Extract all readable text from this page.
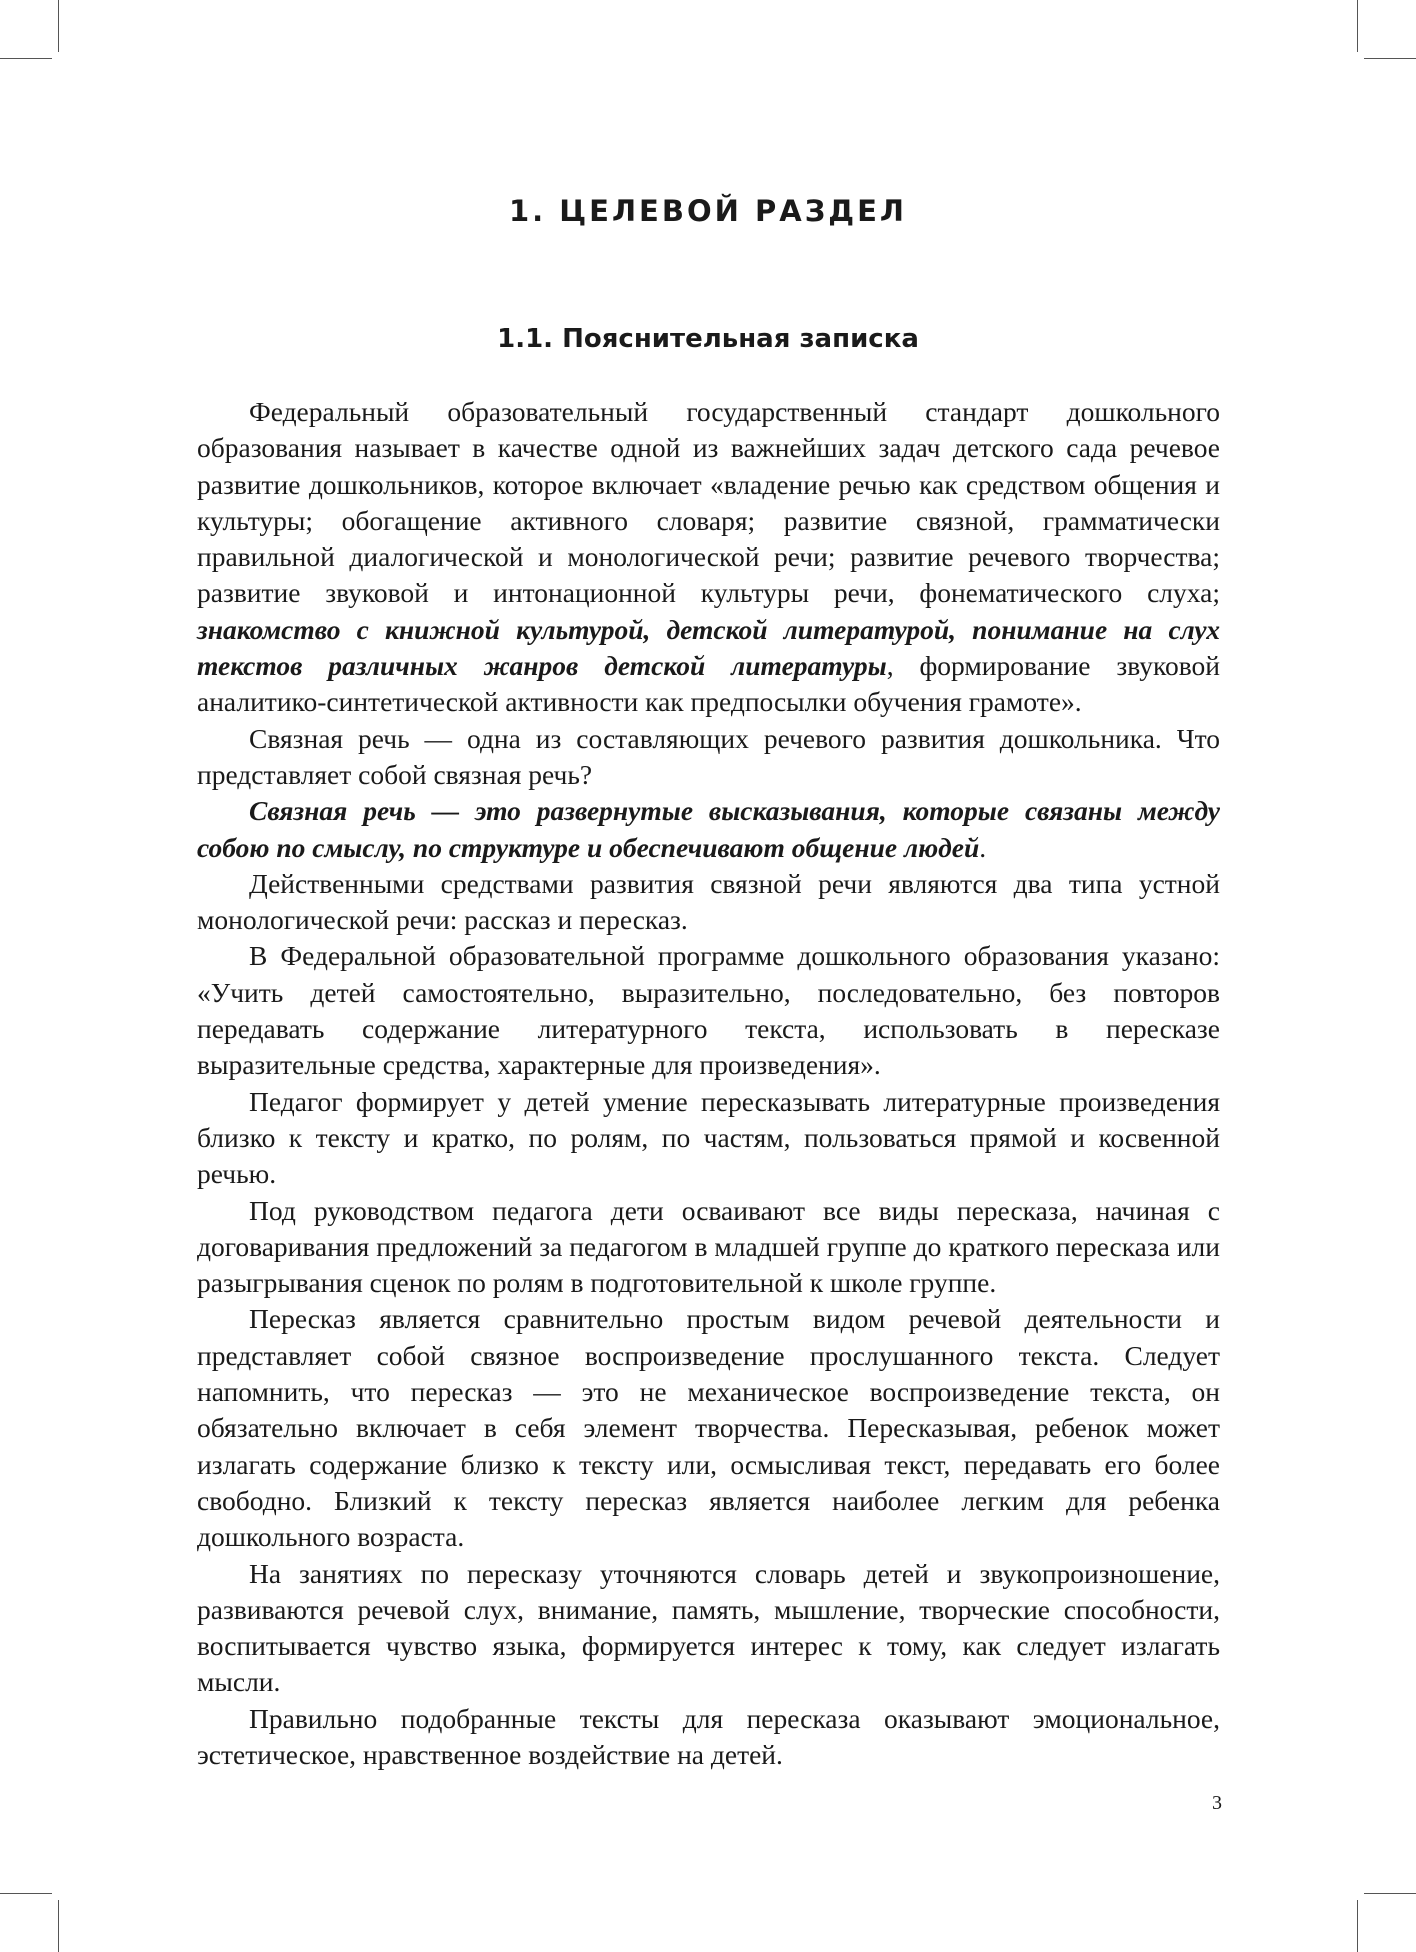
1. ЦЕЛЕВОЙ РАЗДЕЛ
1.1. Пояснительная записка

Федеральный образовательный государственный стандарт дошкольного образования называет в качестве одной из важнейших задач детского сада речевое развитие дошкольников, которое включает «владение речью как средством общения и культуры; обогащение активного словаря; развитие связной, грамматически правильной диалогической и монологической речи; развитие речевого творчества; развитие звуковой и интонационной культуры речи, фонематического слуха; знакомство с книжной культурой, детской литературой, понимание на слух текстов различных жанров детской литературы, формирование звуковой аналитико-синтетической активности как предпосылки обучения грамоте».

Связная речь — одна из составляющих речевого развития дошкольника. Что представляет собой связная речь?

Связная речь — это развернутые высказывания, которые связаны между собою по смыслу, по структуре и обеспечивают общение людей.

Действенными средствами развития связной речи являются два типа устной монологической речи: рассказ и пересказ.

В Федеральной образовательной программе дошкольного образования указано: «Учить детей самостоятельно, выразительно, последовательно, без повторов передавать содержание литературного текста, использовать в пересказе выразительные средства, характерные для произведения».

Педагог формирует у детей умение пересказывать литературные произведения близко к тексту и кратко, по ролям, по частям, пользоваться прямой и косвенной речью.

Под руководством педагога дети осваивают все виды пересказа, начиная с договаривания предложений за педагогом в младшей группе до краткого пересказа или разыгрывания сценок по ролям в подготовительной к школе группе.

Пересказ является сравнительно простым видом речевой деятельности и представляет собой связное воспроизведение прослушанного текста. Следует напомнить, что пересказ — это не механическое воспроизведение текста, он обязательно включает в себя элемент творчества. Пересказывая, ребенок может излагать содержание близко к тексту или, осмысливая текст, передавать его более свободно. Близкий к тексту пересказ является наиболее легким для ребенка дошкольного возраста.

На занятиях по пересказу уточняются словарь детей и звукопроизношение, развиваются речевой слух, внимание, память, мышление, творческие способности, воспитывается чувство языка, формируется интерес к тому, как следует излагать мысли.

Правильно подобранные тексты для пересказа оказывают эмоциональное, эстетическое, нравственное воздействие на детей.

3
